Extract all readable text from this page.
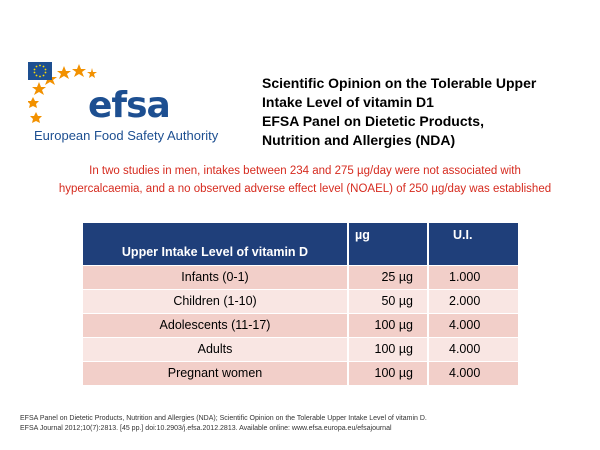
efsa
European Food Safety Authority
Scientific Opinion on the Tolerable Upper
Intake Level of vitamin D1
EFSA Panel on Dietetic Products,
Nutrition and Allergies (NDA)
In two studies in men, intakes between 234 and 275 µg/day were not associated with
hypercalcaemia, and a no observed adverse effect level (NOAEL) of 250 µg/day was established
Upper Intake Level of vitamin D	µg	U.I.
Infants (0-1)	25 µg	1.000
Children (1-10)	50 µg	2.000
Adolescents (11-17)	100 µg	4.000
Adults	100 µg	4.000
Pregnant women	100 µg	4.000
EFSA Panel on Dietetic Products, Nutrition and Allergies (NDA); Scientific Opinion on the Tolerable Upper Intake Level of vitamin D.
EFSA Journal 2012;10(7):2813. [45 pp.] doi:10.2903/j.efsa.2012.2813. Available online: www.efsa.europa.eu/efsajournal
